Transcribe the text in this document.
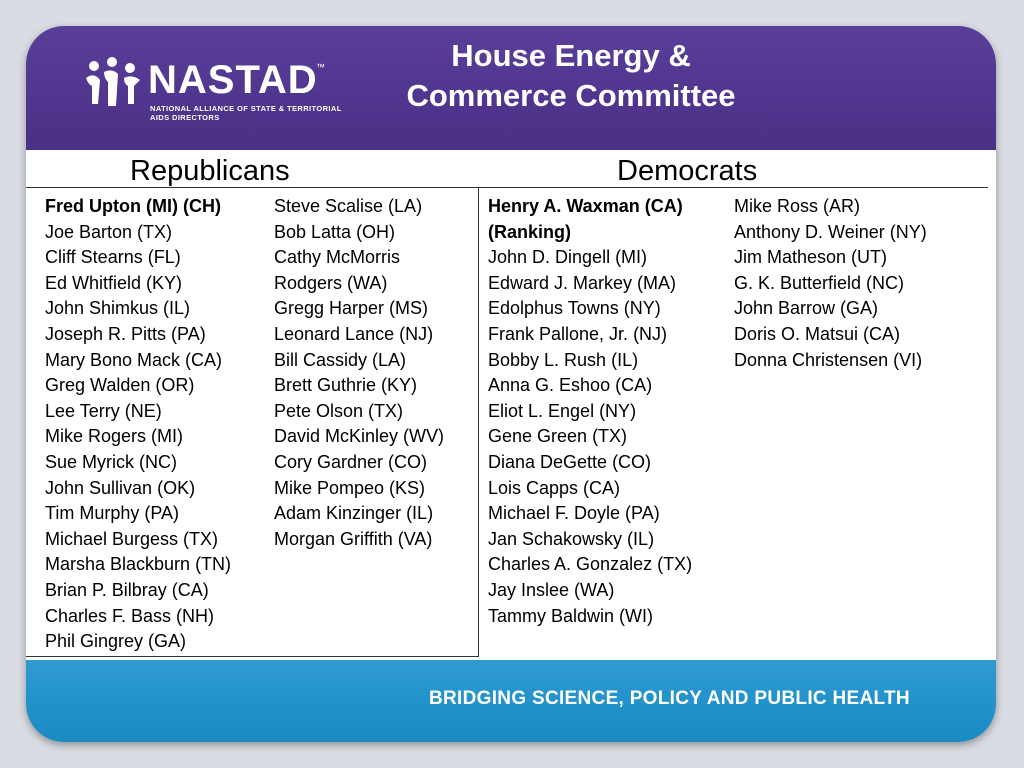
NASTAD
™
NATIONAL ALLIANCE OF STATE & TERRITORIAL AIDS DIRECTORS
House Energy & Commerce Committee
Republicans	Democrats
Fred Upton (MI) (CH)
Joe Barton (TX)
Cliff Stearns (FL)
Ed Whitfield (KY)
John Shimkus (IL)
Joseph R. Pitts (PA)
Mary Bono Mack (CA)
Greg Walden (OR)
Lee Terry (NE)
Mike Rogers (MI)
Sue Myrick (NC)
John Sullivan (OK)
Tim Murphy (PA)
Michael Burgess (TX)
Marsha Blackburn (TN)
Brian P. Bilbray (CA)
Charles F. Bass (NH)
Phil Gingrey (GA)
Steve Scalise (LA)
Bob Latta (OH)
Cathy McMorris
Rodgers (WA)
Gregg Harper (MS)
Leonard Lance (NJ)
Bill Cassidy (LA)
Brett Guthrie (KY)
Pete Olson (TX)
David McKinley (WV)
Cory Gardner (CO)
Mike Pompeo (KS)
Adam Kinzinger (IL)
Morgan Griffith (VA)
Henry A. Waxman (CA)
(Ranking)
John D. Dingell (MI)
Edward J. Markey (MA)
Edolphus Towns (NY)
Frank Pallone, Jr. (NJ)
Bobby L. Rush (IL)
Anna G. Eshoo (CA)
Eliot L. Engel (NY)
Gene Green (TX)
Diana DeGette (CO)
Lois Capps (CA)
Michael F. Doyle (PA)
Jan Schakowsky (IL)
Charles A. Gonzalez (TX)
Jay Inslee (WA)
Tammy Baldwin (WI)
Mike Ross (AR)
Anthony D. Weiner (NY)
Jim Matheson (UT)
G. K. Butterfield (NC)
John Barrow (GA)
Doris O. Matsui (CA)
Donna Christensen (VI)
BRIDGING SCIENCE, POLICY AND PUBLIC HEALTH
